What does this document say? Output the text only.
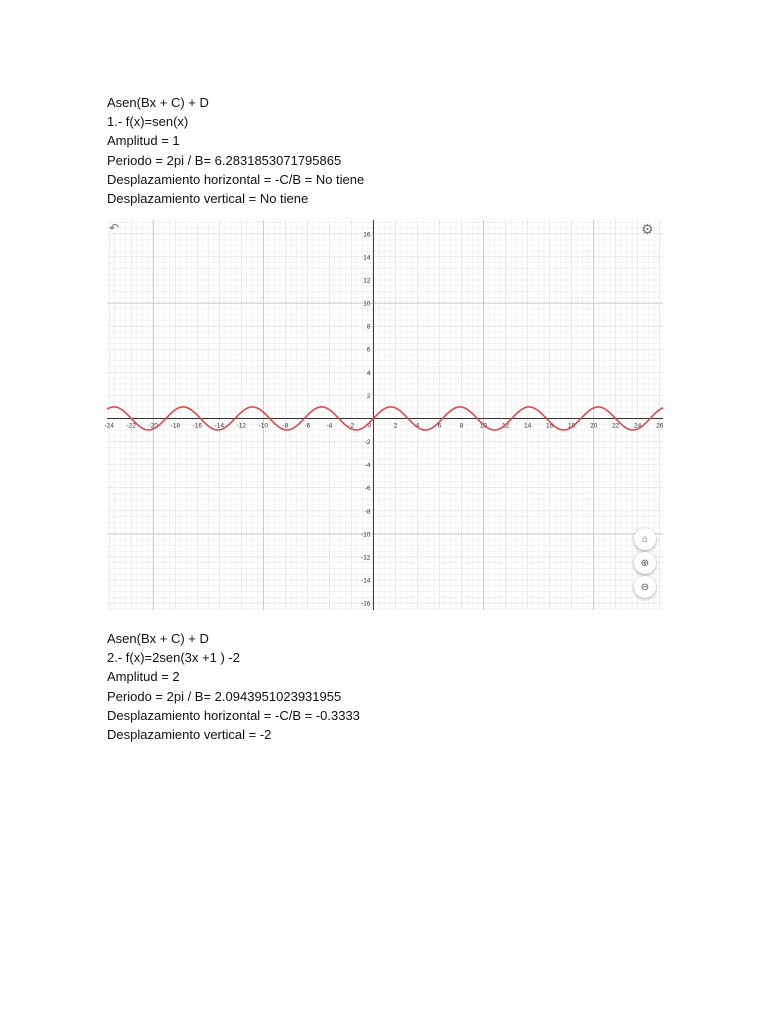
Asen(Bx + C) + D
1.- f(x)=sen(x)
Amplitud = 1
Periodo = 2pi / B= 6.2831853071795865
Desplazamiento horizontal = -C/B = No tiene
Desplazamiento vertical = No tiene
-24 -22 -20 -18 -16 -14 -12 -10 -8 -6 -4 -2	2	4	6	8	10 12 14 16 18 20 22 24 26
0
16
14
12
10
8
6
4
2
-2
-4
-6
-8
-10
-12
-14
-16
↶	⚙
⌂
⊕
⊖
Asen(Bx + C) + D
2.- f(x)=2sen(3x +1 ) -2
Amplitud = 2
Periodo = 2pi / B= 2.0943951023931955
Desplazamiento horizontal = -C/B = -0.3333
Desplazamiento vertical = -2
